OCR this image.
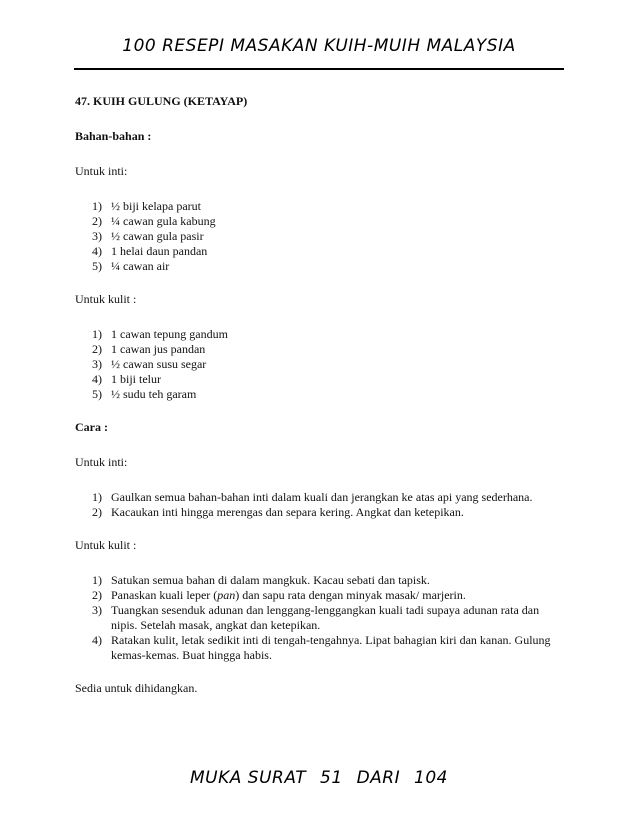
100 RESEPI MASAKAN KUIH-MUIH MALAYSIA
47. KUIH GULUNG (KETAYAP)
Bahan-bahan :
Untuk inti:
1) ½ biji kelapa parut
2) ¼ cawan gula kabung
3) ½ cawan gula pasir
4) 1 helai daun pandan
5) ¼ cawan air
Untuk kulit :
1) 1 cawan tepung gandum
2) 1 cawan jus pandan
3) ½ cawan susu segar
4) 1 biji telur
5) ½ sudu teh garam
Cara :
Untuk inti:
1) Gaulkan semua bahan-bahan inti dalam kuali dan jerangkan ke atas api yang sederhana.
2) Kacaukan inti hingga merengas dan separa kering. Angkat dan ketepikan.
Untuk kulit :
1) Satukan semua bahan di dalam mangkuk. Kacau sebati dan tapisk.
2) Panaskan kuali leper (pan) dan sapu rata dengan minyak masak/ marjerin.
3) Tuangkan sesenduk adunan dan lenggang-lenggangkan kuali tadi supaya adunan rata dan nipis. Setelah masak, angkat dan ketepikan.
4) Ratakan kulit, letak sedikit inti di tengah-tengahnya. Lipat bahagian kiri dan kanan. Gulung kemas-kemas. Buat hingga habis.
Sedia untuk dihidangkan.
MUKA SURAT 51 DARI 104
